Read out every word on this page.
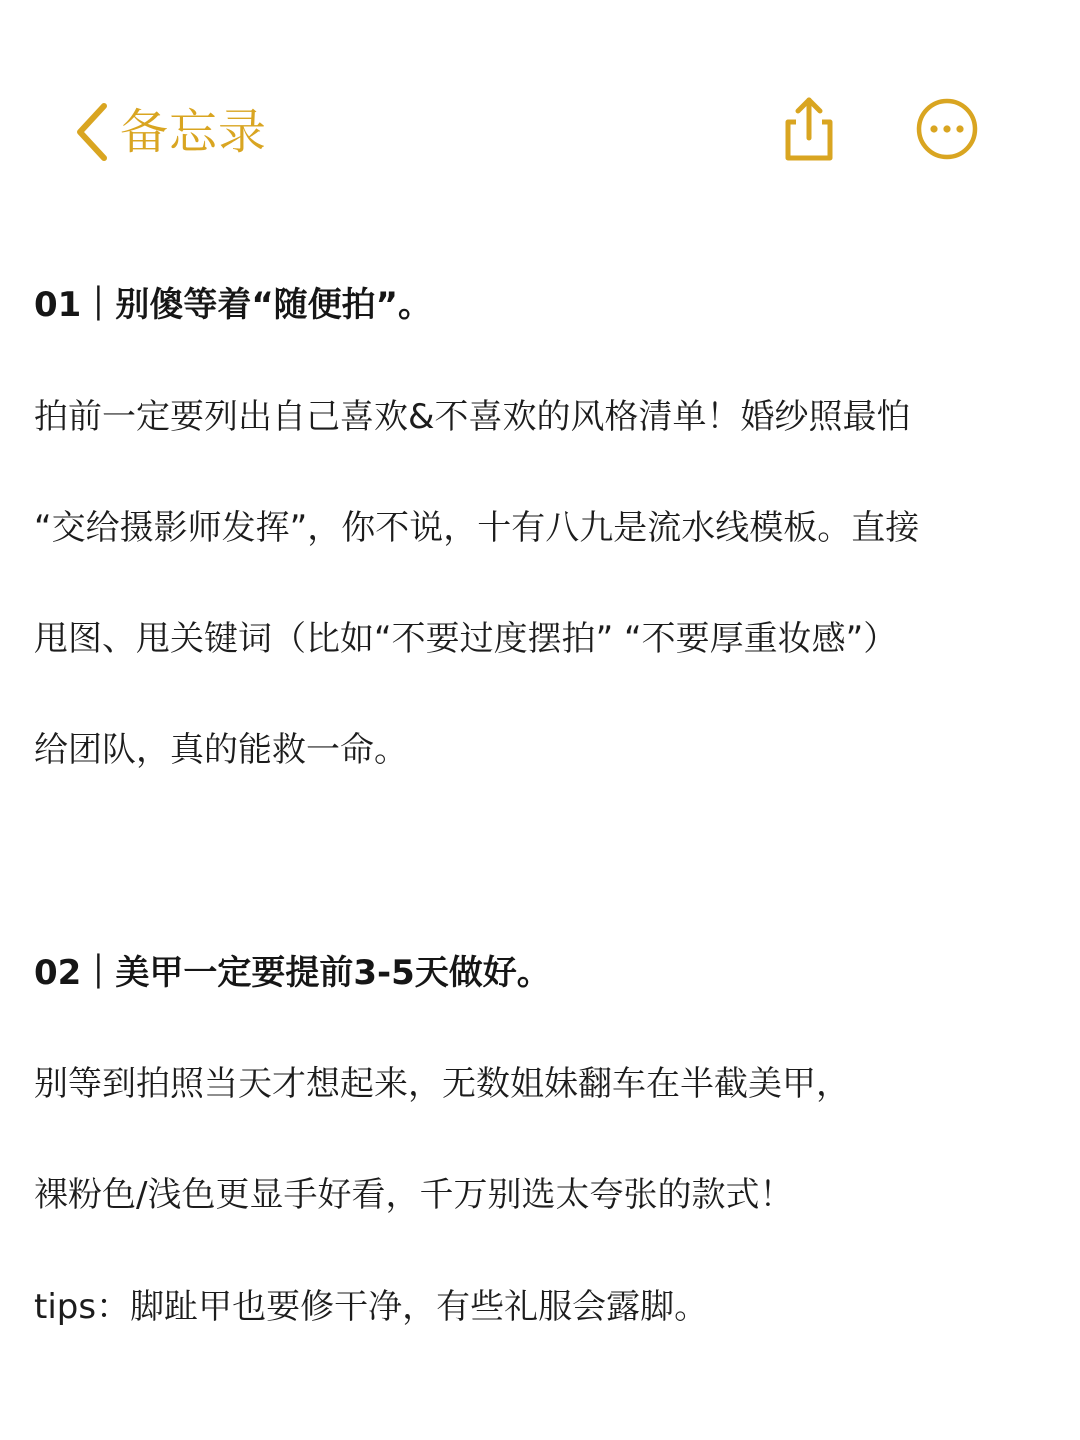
备忘录
01｜别傻等着“随便拍”。
拍前一定要列出自己喜欢&不喜欢的风格清单！婚纱照最怕
“交给摄影师发挥”，你不说，十有八九是流水线模板。直接
甩图、甩关键词（比如“不要过度摆拍” “不要厚重妆感”）
给团队，真的能救一命。
02｜美甲一定要提前3-5天做好。
别等到拍照当天才想起来，无数姐妹翻车在半截美甲，
裸粉色/浅色更显手好看，千万别选太夸张的款式！
tips：脚趾甲也要修干净，有些礼服会露脚。
